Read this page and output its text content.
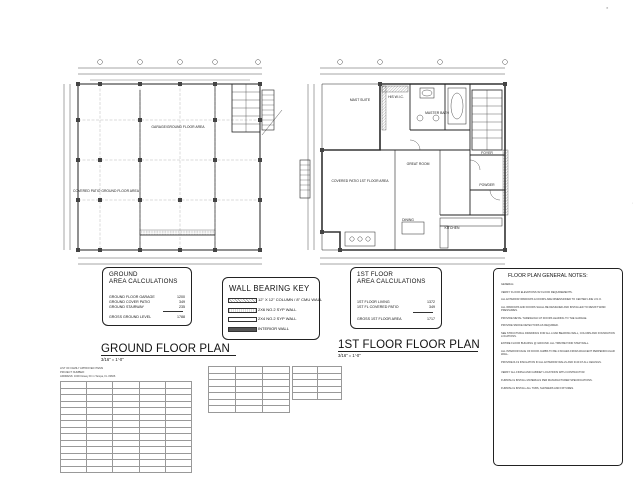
GARAGE/GROUND FLOOR AREA
COVERED PATIO GROUND FLOOR AREA
MAST SUITE
HIS W.I.C.
MASTER BATH
GREAT ROOM
COVERED PATIO 1ST FLOOR AREA
DINING
KITCHEN
POWDER
FOYER
GROUND
AREA CALCULATIONS
GROUND FLOOR GARAGE	1200
GROUND COVER PATIO	349
GROUND STAIRWAY	235
GROSS GROUND LEVEL	1788
WALL BEARING KEY
12" X 12" COLUMN / 8" CMU WALL
2X6 NO.2 SYP WALL
2X4 NO.2 SYP WALL
INTERIOR WALL
1ST FLOOR
AREA CALCULATIONS
1ST FLOOR LIVING	1372
1ST FL COVERED PATIO	349
GROSS 1ST FLOOR AREA	1717
FLOOR PLAN GENERAL NOTES:
GENERAL:
VERIFY FLOOR ELEVATIONS W/ FLOOD REQUIREMENTS.
ALL EXTERIOR WINDOWS & DOORS ARE DIMENSIONED TO CENTER LINE U.N.O.
ALL WINDOWS AND DOORS SHALL BE DESIGNED AND INSTALLED TO RESIST WIND PRESSURES.
PROVIDE METAL THRESHOLD AT DOORS LEADING TO THE GARAGE.
PROVIDE SMOKE DETECTORS AS REQUIRED.
SEE STRUCTURAL DRAWINGS FOR ALL LOAD BEARING WALL, COLUMN AND FOUNDATION LOCATIONS.
ENTIRE FLOOR BUILDING @ GROUND. ALL TRIM BEYOND STEP WALL.
ALL INTERIOR FACE OF DOOR JAMBS TO BE 4 INCHES FROM ADJACENT PERPENDICULAR WALL.
PROVIDE R-19 INSULATION IN ALL EXTERIOR WALLS AND R-30 AT ALL CEILINGS.
VERIFY ALL FINISH AND CABINET LOCATIONS WITH CONTRACTOR.
FURNISH & INSTALL MATERIALS PER MANUFACTURER SPECIFICATIONS.
FURNISH & INSTALL ALL TUBS, SHOWERS AND FIXTURES.
GROUND FLOOR PLAN
3/16" = 1'-0"
1ST FLOOR FLOOR PLAN
3/16" = 1'-0"
LIST OF FAMILY APPROVED ITEMS
PROJECT NUMBER:
ADDRESS: 1600 Dewey Dr in Tampa, FL 33606

✕
◦
